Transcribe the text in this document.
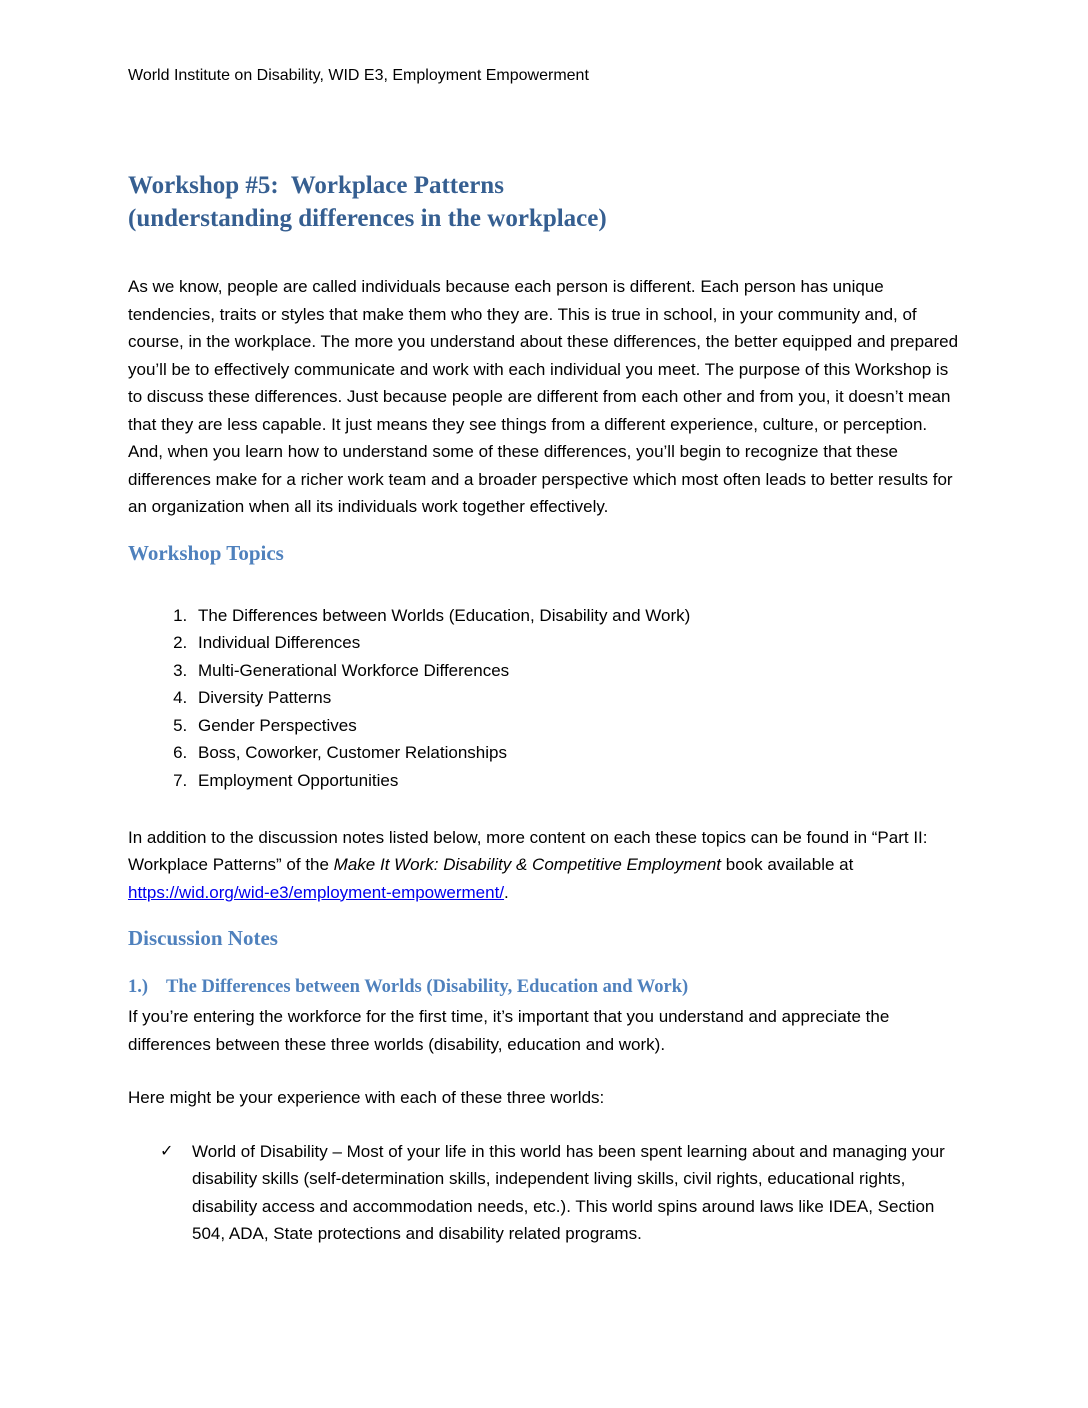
World Institute on Disability, WID E3, Employment Empowerment
Workshop #5:  Workplace Patterns
(understanding differences in the workplace)

As we know, people are called individuals because each person is different. Each person has unique tendencies, traits or styles that make them who they are. This is true in school, in your community and, of course, in the workplace. The more you understand about these differences, the better equipped and prepared you’ll be to effectively communicate and work with each individual you meet. The purpose of this Workshop is to discuss these differences. Just because people are different from each other and from you, it doesn’t mean that they are less capable. It just means they see things from a different experience, culture, or perception. And, when you learn how to understand some of these differences, you’ll begin to recognize that these differences make for a richer work team and a broader perspective which most often leads to better results for an organization when all its individuals work together effectively.

Workshop Topics
1. The Differences between Worlds (Education, Disability and Work)
2. Individual Differences
3. Multi-Generational Workforce Differences
4. Diversity Patterns
5. Gender Perspectives
6. Boss, Coworker, Customer Relationships
7. Employment Opportunities

In addition to the discussion notes listed below, more content on each these topics can be found in “Part II: Workplace Patterns” of the Make It Work: Disability & Competitive Employment book available at https://wid.org/wid-e3/employment-empowerment/.

Discussion Notes
1.) The Differences between Worlds (Disability, Education and Work)

If you’re entering the workforce for the first time, it’s important that you understand and appreciate the differences between these three worlds (disability, education and work).

Here might be your experience with each of these three worlds:

✓	World of Disability – Most of your life in this world has been spent learning about and managing your disability skills (self-determination skills, independent living skills, civil rights, educational rights, disability access and accommodation needs, etc.). This world spins around laws like IDEA, Section 504, ADA, State protections and disability related programs.
